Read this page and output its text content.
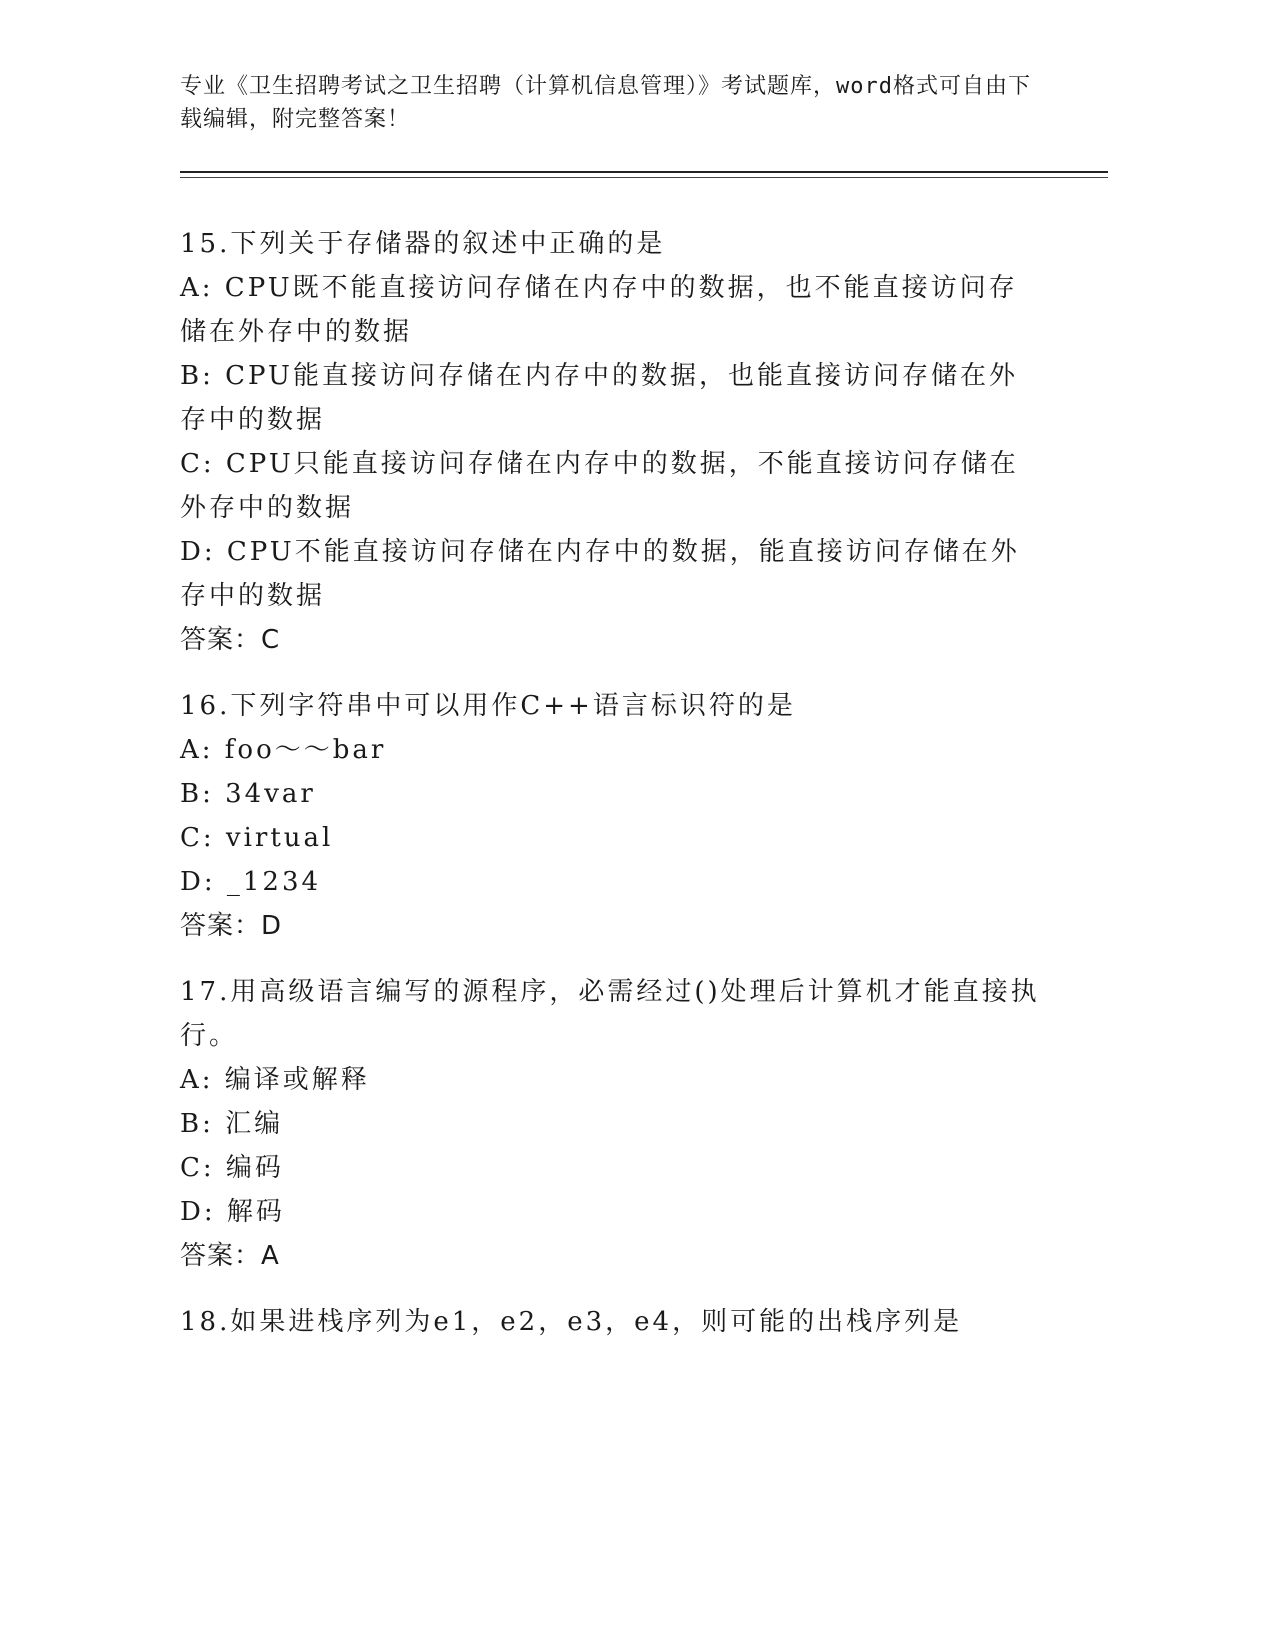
专业《卫生招聘考试之卫生招聘（计算机信息管理）》考试题库，word格式可自由下载编辑，附完整答案！
15.下列关于存储器的叙述中正确的是
A: CPU既不能直接访问存储在内存中的数据，也不能直接访问存储在外存中的数据
B: CPU能直接访问存储在内存中的数据，也能直接访问存储在外存中的数据
C: CPU只能直接访问存储在内存中的数据，不能直接访问存储在外存中的数据
D: CPU不能直接访问存储在内存中的数据，能直接访问存储在外存中的数据
答案：C
16.下列字符串中可以用作C++语言标识符的是
A: foo～～bar
B: 34var
C: virtual
D: _1234
答案：D
17.用高级语言编写的源程序，必需经过()处理后计算机才能直接执行。
A: 编译或解释
B: 汇编
C: 编码
D: 解码
答案：A
18.如果进栈序列为e1，e2，e3，e4，则可能的出栈序列是
